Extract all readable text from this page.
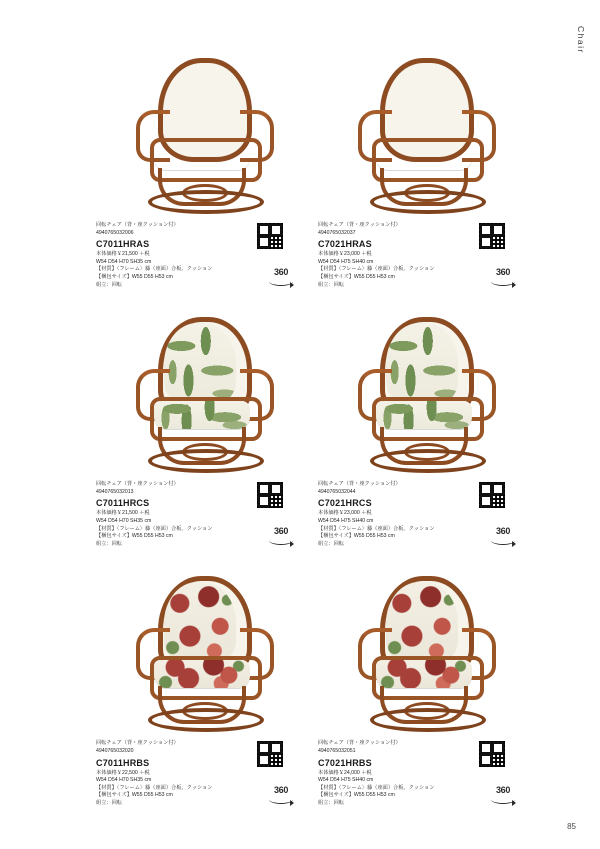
Chair
回転チェア（背・座クッション付）
4940765032006
C7011HRAS
本体価格￥21,500 ＋税
W54 D54 H70 SH35 cm
【材質】〈フレーム〉籐（座面）合板、クッション
【梱包サイズ】W55 D55 H53 cm
組立：回転
360
回転チェア（背・座クッション付）
4940765032037
C7021HRAS
本体価格￥23,000 ＋税
W54 D54 H75 SH40 cm
【材質】〈フレーム〉籐（座面）合板、クッション
【梱包サイズ】W55 D55 H53 cm
組立：回転
360
回転チェア（背・座クッション付）
4940765032013
C7011HRCS
本体価格￥21,500 ＋税
W54 D54 H70 SH35 cm
【材質】〈フレーム〉籐（座面）合板、クッション
【梱包サイズ】W55 D55 H53 cm
組立：回転
360
回転チェア（背・座クッション付）
4940765032044
C7021HRCS
本体価格￥23,000 ＋税
W54 D54 H75 SH40 cm
【材質】〈フレーム〉籐（座面）合板、クッション
【梱包サイズ】W55 D55 H53 cm
組立：回転
360
回転チェア（背・座クッション付）
4940765032020
C7011HRBS
本体価格￥22,500 ＋税
W54 D54 H70 SH35 cm
【材質】〈フレーム〉籐（座面）合板、クッション
【梱包サイズ】W55 D55 H53 cm
組立：回転
360
回転チェア（背・座クッション付）
4940765032051
C7021HRBS
本体価格￥24,000 ＋税
W54 D54 H75 SH40 cm
【材質】〈フレーム〉籐（座面）合板、クッション
【梱包サイズ】W55 D55 H53 cm
組立：回転
360
85
